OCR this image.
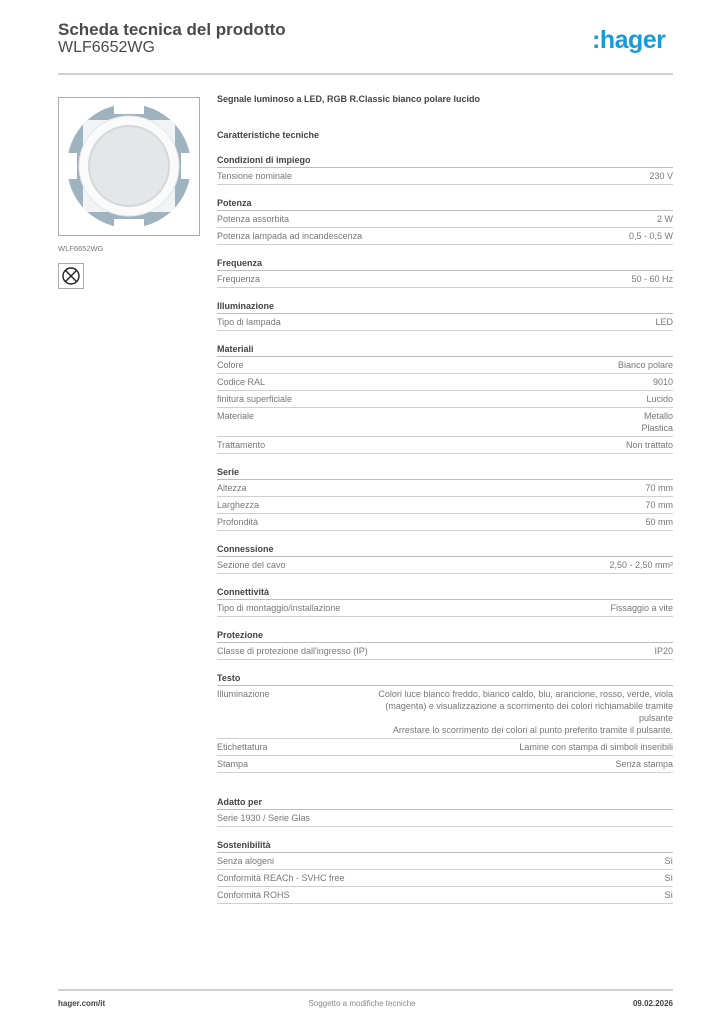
Scheda tecnica del prodotto
WLF6652WG	:hager
WLF6652WG
Segnale luminoso a LED, RGB R.Classic bianco polare lucido
Caratteristiche tecniche
Condizioni di impiego
Tensione nominale	230 V
Potenza
Potenza assorbita	2 W
Potenza lampada ad incandescenza	0,5 - 0,5 W
Frequenza
Frequenza	50 - 60 Hz
Illuminazione
Tipo di lampada	LED
Materiali
Colore	Bianco polare
Codice RAL	9010
finitura superficiale	Lucido
Materiale	Metallo
Plastica
Trattamento	Non trattato
Serie
Altezza	70 mm
Larghezza	70 mm
Profondità	50 mm
Connessione
Sezione del cavo	2,50 - 2,50 mm²
Connettività
Tipo di montaggio/installazione	Fissaggio a vite
Protezione
Classe di protezione dall'ingresso (IP)	IP20
Testo
Illuminazione	Colori luce bianco freddo, bianco caldo, blu, arancione, rosso, verde, viola (magenta) e visualizzazione a scorrimento dei colori richiamabile tramite pulsante
Arrestare lo scorrimento dei colori al punto preferito tramite il pulsante.
Etichettatura	Lamine con stampa di simboli inseribili
Stampa	Senza stampa
Adatto per
Serie 1930 / Serie Glas
Sostenibilità
Senza alogeni	Sì
Conformità REACh - SVHC free	Sì
Conformità ROHS	Sì
hager.com/it	Soggetto a modifiche tecniche	09.02.2026
